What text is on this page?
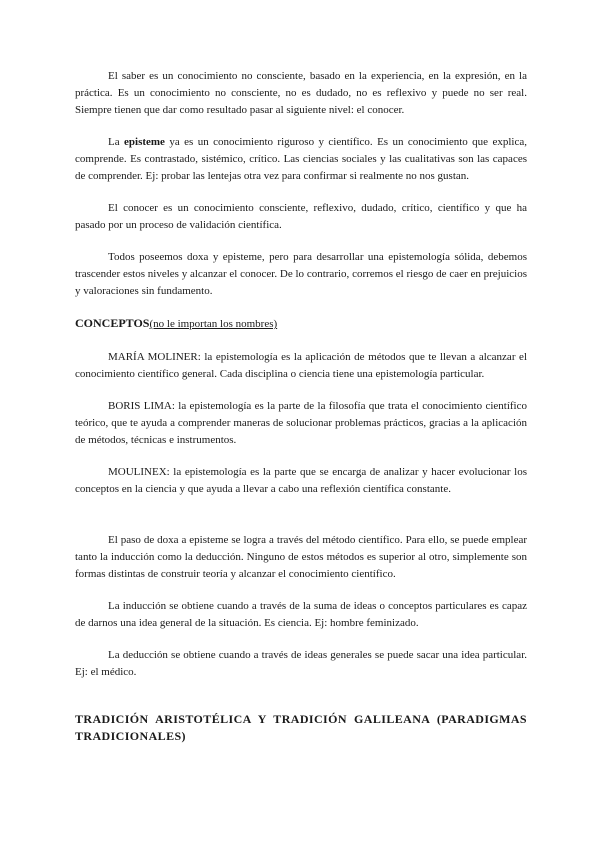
El saber es un conocimiento no consciente, basado en la experiencia, en la expresión, en la práctica. Es un conocimiento no consciente, no es dudado, no es reflexivo y puede no ser real. Siempre tienen que dar como resultado pasar al siguiente nivel: el conocer.

La episteme ya es un conocimiento riguroso y científico. Es un conocimiento que explica, comprende. Es contrastado, sistémico, crítico. Las ciencias sociales y las cualitativas son las capaces de comprender. Ej: probar las lentejas otra vez para confirmar si realmente no nos gustan.

El conocer es un conocimiento consciente, reflexivo, dudado, crítico, científico y que ha pasado por un proceso de validación científica.

Todos poseemos doxa y episteme, pero para desarrollar una epistemología sólida, debemos trascender estos niveles y alcanzar el conocer. De lo contrario, corremos el riesgo de caer en prejuicios y valoraciones sin fundamento.

CONCEPTOS(no le importan los nombres)

MARÍA MOLINER: la epistemología es la aplicación de métodos que te llevan a alcanzar el conocimiento científico general. Cada disciplina o ciencia tiene una epistemología particular.

BORIS LIMA: la epistemología es la parte de la filosofía que trata el conocimiento científico teórico, que te ayuda a comprender maneras de solucionar problemas prácticos, gracias a la aplicación de métodos, técnicas e instrumentos.

MOULINEX: la epistemología es la parte que se encarga de analizar y hacer evolucionar los conceptos en la ciencia y que ayuda a llevar a cabo una reflexión científica constante.

El paso de doxa a episteme se logra a través del método científico. Para ello, se puede emplear tanto la inducción como la deducción. Ninguno de estos métodos es superior al otro, simplemente son formas distintas de construir teoría y alcanzar el conocimiento científico.

La inducción se obtiene cuando a través de la suma de ideas o conceptos particulares es capaz de darnos una idea general de la situación. Es ciencia. Ej: hombre feminizado.

La deducción se obtiene cuando a través de ideas generales se puede sacar una idea particular. Ej: el médico.

TRADICIÓN ARISTOTÉLICA Y TRADICIÓN GALILEANA (PARADIGMAS TRADICIONALES)
